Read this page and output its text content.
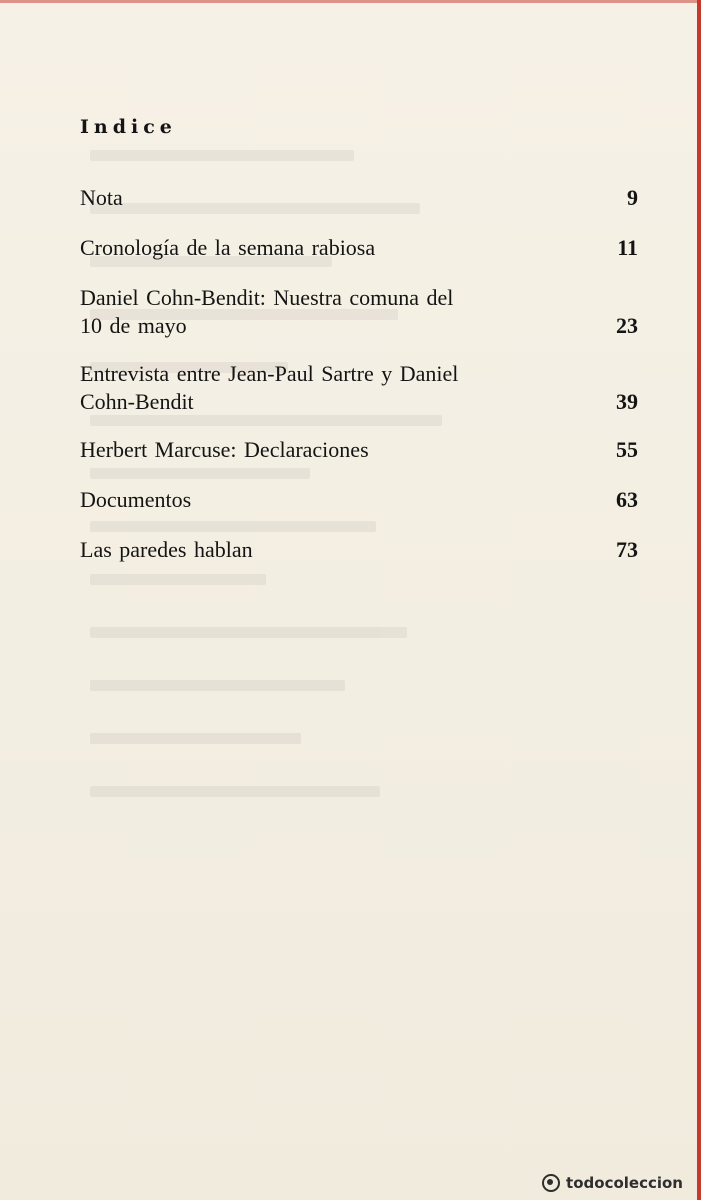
Indice
Nota	9
Cronología de la semana rabiosa	11
Daniel Cohn-Bendit: Nuestra comuna del
10 de mayo	23
Entrevista entre Jean-Paul Sartre y Daniel
Cohn-Bendit	39
Herbert Marcuse: Declaraciones	55
Documentos	63
Las paredes hablan	73
todocoleccion
